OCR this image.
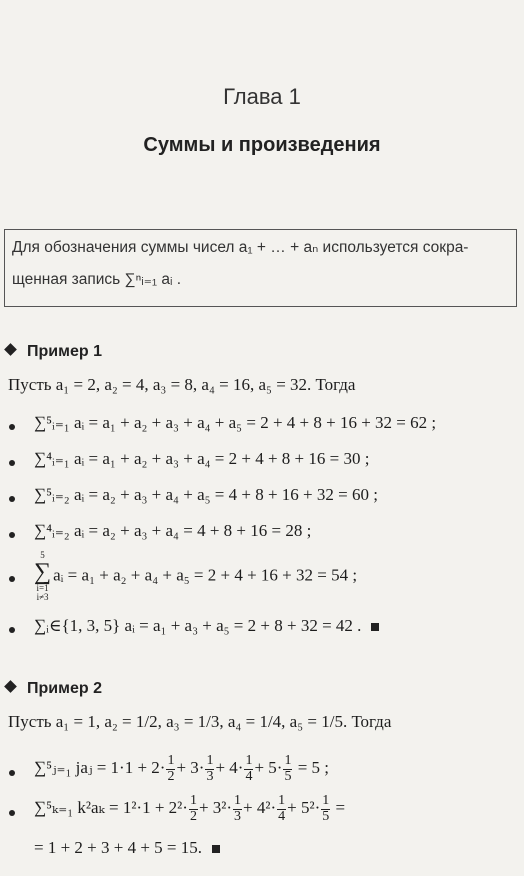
Глава 1
Суммы и произведения
Для обозначения суммы чисел a₁ + … + aₙ используется сокра-
щенная запись ∑ⁿᵢ₌₁ aᵢ .
Пример 1
Пусть a₁ = 2, a₂ = 4, a₃ = 8, a₄ = 16, a₅ = 32. Тогда
∑⁵ᵢ₌₁ aᵢ = a₁ + a₂ + a₃ + a₄ + a₅ = 2 + 4 + 8 + 16 + 32 = 62 ;
∑⁴ᵢ₌₁ aᵢ = a₁ + a₂ + a₃ + a₄ = 2 + 4 + 8 + 16 = 30 ;
∑⁵ᵢ₌₂ aᵢ = a₂ + a₃ + a₄ + a₅ = 4 + 8 + 16 + 32 = 60 ;
∑⁴ᵢ₌₂ aᵢ = a₂ + a₃ + a₄ = 4 + 8 + 16 = 28 ;
5
∑
i=1
i≠3
aᵢ = a₁ + a₂ + a₄ + a₅ = 2 + 4 + 16 + 32 = 54 ;
∑ᵢ∈{1, 3, 5} aᵢ = a₁ + a₃ + a₅ = 2 + 8 + 32 = 42 .
Пример 2
Пусть a₁ = 1, a₂ = 1/2, a₃ = 1/3, a₄ = 1/4, a₅ = 1/5. Тогда
∑⁵ⱼ₌₁ jaⱼ = $1\cdot 1 + 2\cdot \frac{1}{2} + 3\cdot \frac{1}{3} + 4\cdot \frac{1}{4} + 5\cdot \frac{1}{5} = 5$ ;
∑⁵ₖ₌₁ $k^2a_k = 1^2\cdot 1 + 2^2\cdot \frac{1}{2} + 3^2\cdot \frac{1}{3} + 4^2\cdot \frac{1}{4} + 5^2\cdot \frac{1}{5}$ =
= 1 + 2 + 3 + 4 + 5 = 15.
